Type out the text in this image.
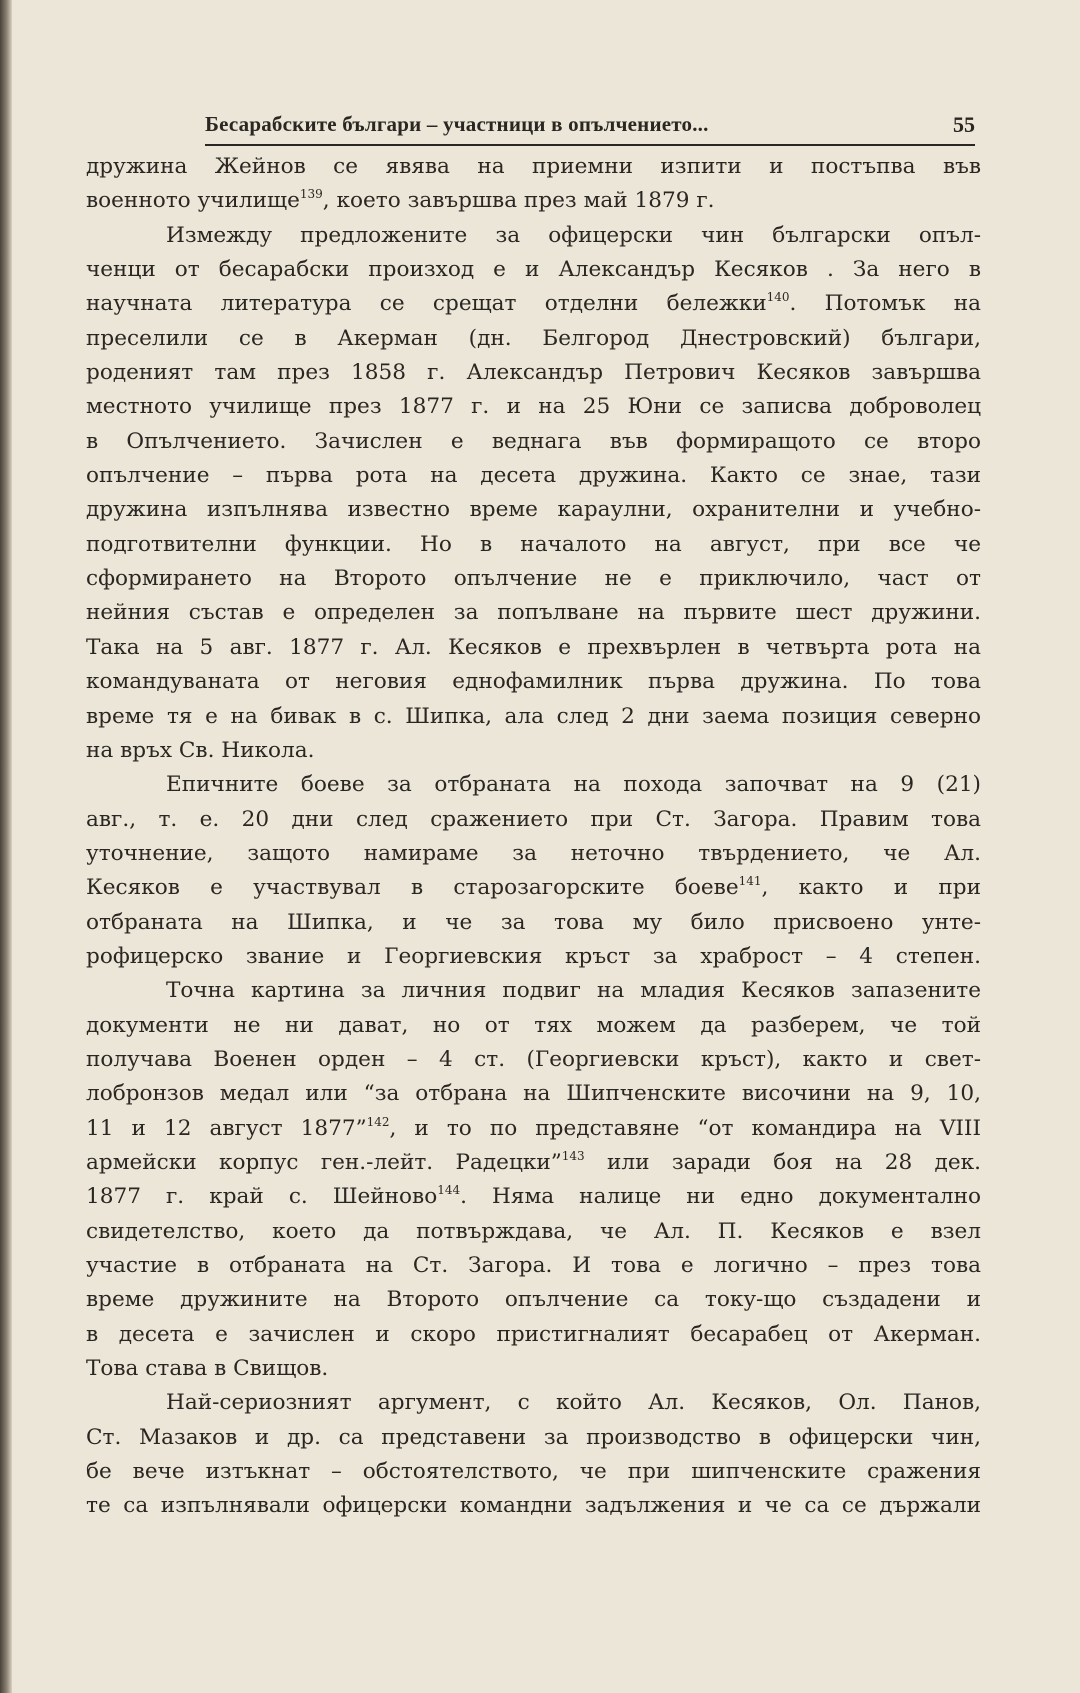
Бесарабските българи – участници в опълчението...	55
дружина Жейнов се явява на приемни изпити и постъпва във
военното училище$^{139}$, което завършва през май 1879 г.
Измежду предложените за офицерски чин български опъл-
ченци от бесарабски произход е и Александър Кесяков . За него в
научната литература се срещат отделни бележки$^{140}$. Потомък на
преселили се в Акерман (дн. Белгород Днестровский) българи,
роденият там през 1858 г. Александър Петрович Кесяков завършва
местното училище през 1877 г. и на 25 Юни се записва доброволец
в Опълчението. Зачислен е веднага във формиращото се второ
опълчение – първа рота на десета дружина. Както се знае, тази
дружина изпълнява известно време караулни, охранителни и учебно-
подготвителни функции. Но в началото на август, при все че
сформирането на Второто опълчение не е приключило, част от
нейния състав е определен за попълване на първите шест дружини.
Така на 5 авг. 1877 г. Ал. Кесяков е прехвърлен в четвърта рота на
командуваната от неговия еднофамилник първа дружина. По това
време тя е на бивак в с. Шипка, ала след 2 дни заема позиция северно
на връх Св. Никола.
Епичните боеве за отбраната на похода започват на 9 (21)
авг., т. е. 20 дни след сражението при Ст. Загора. Правим това
уточнение, защото намираме за неточно твърдението, че Ал.
Кесяков е участвувал в старозагорските боеве$^{141}$, както и при
отбраната на Шипка, и че за това му било присвоено унте-
рофицерско звание и Георгиевския кръст за храброст – 4 степен.
Точна картина за личния подвиг на младия Кесяков запазените
документи не ни дават, но от тях можем да разберем, че той
получава Военен орден – 4 ст. (Георгиевски кръст), както и свет-
лобронзов медал или “за отбрана на Шипченските височини на 9, 10,
11 и 12 август 1877”$^{142}$, и то по представяне “от командира на VIII
армейски корпус ген.-лейт. Радецки”$^{143}$ или заради боя на 28 дек.
1877 г. край с. Шейново$^{144}$. Няма налице ни едно документално
свидетелство, което да потвърждава, че Ал. П. Кесяков е взел
участие в отбраната на Ст. Загора. И това е логично – през това
време дружините на Второто опълчение са току-що създадени и
в десета е зачислен и скоро пристигналият бесарабец от Акерман.
Това става в Свищов.
Най-сериозният аргумент, с който Ал. Кесяков, Ол. Панов,
Ст. Мазаков и др. са представени за производство в офицерски чин,
бе вече изтъкнат – обстоятелството, че при шипченските сражения
те са изпълнявали офицерски командни задължения и че са се държали
